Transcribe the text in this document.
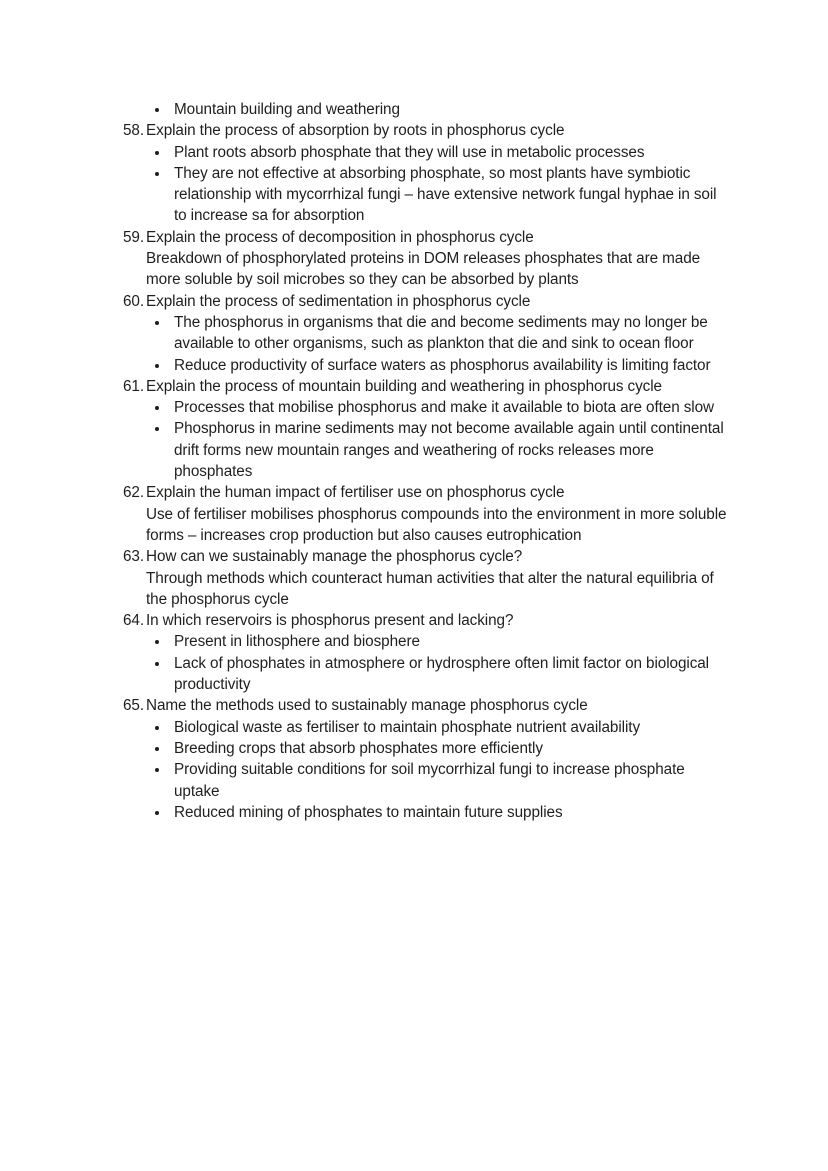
Mountain building and weathering
58. Explain the process of absorption by roots in phosphorus cycle
Plant roots absorb phosphate that they will use in metabolic processes
They are not effective at absorbing phosphate, so most plants have symbiotic relationship with mycorrhizal fungi – have extensive network fungal hyphae in soil to increase sa for absorption
59. Explain the process of decomposition in phosphorus cycle
Breakdown of phosphorylated proteins in DOM releases phosphates that are made more soluble by soil microbes so they can be absorbed by plants
60. Explain the process of sedimentation in phosphorus cycle
The phosphorus in organisms that die and become sediments may no longer be available to other organisms, such as plankton that die and sink to ocean floor
Reduce productivity of surface waters as phosphorus availability is limiting factor
61. Explain the process of mountain building and weathering in phosphorus cycle
Processes that mobilise phosphorus and make it available to biota are often slow
Phosphorus in marine sediments may not become available again until continental drift forms new mountain ranges and weathering of rocks releases more phosphates
62. Explain the human impact of fertiliser use on phosphorus cycle
Use of fertiliser mobilises phosphorus compounds into the environment in more soluble forms – increases crop production but also causes eutrophication
63. How can we sustainably manage the phosphorus cycle?
Through methods which counteract human activities that alter the natural equilibria of the phosphorus cycle
64. In which reservoirs is phosphorus present and lacking?
Present in lithosphere and biosphere
Lack of phosphates in atmosphere or hydrosphere often limit factor on biological productivity
65. Name the methods used to sustainably manage phosphorus cycle
Biological waste as fertiliser to maintain phosphate nutrient availability
Breeding crops that absorb phosphates more efficiently
Providing suitable conditions for soil mycorrhizal fungi to increase phosphate uptake
Reduced mining of phosphates to maintain future supplies
